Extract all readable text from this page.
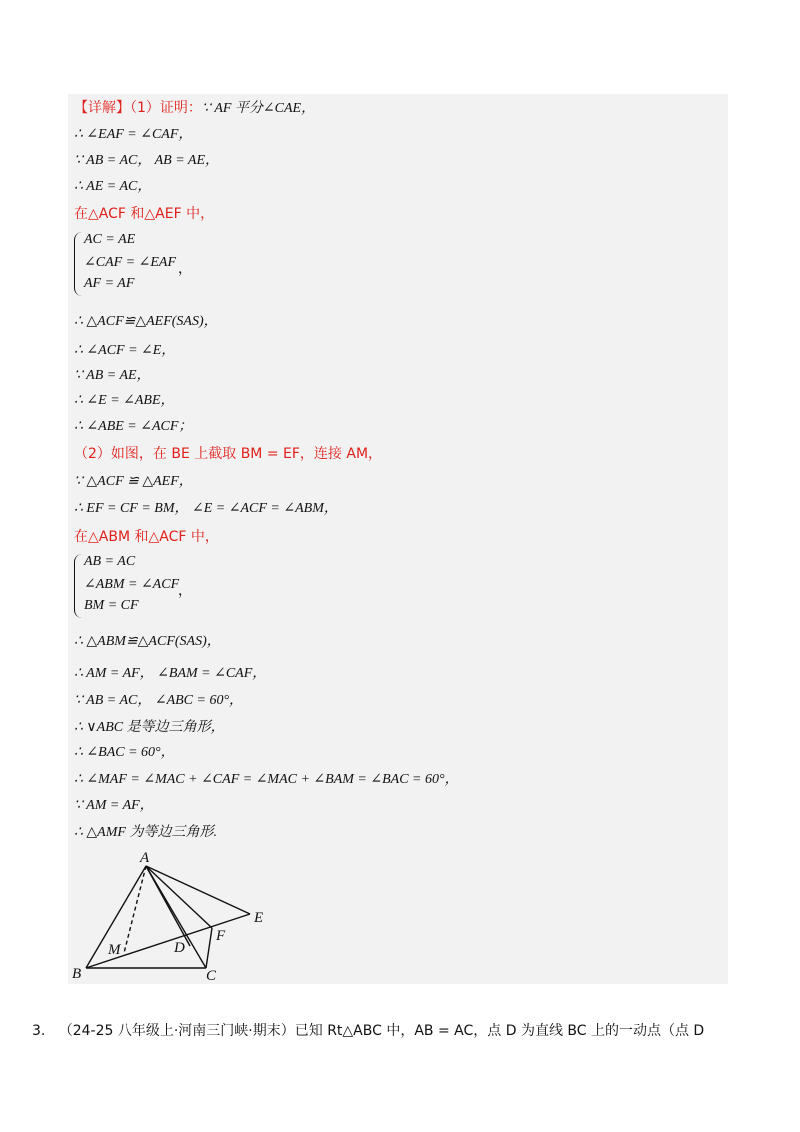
【详解】（1）证明：∵ AF 平分∠CAE，
∴ ∠EAF = ∠CAF，
∵ AB = AC， AB = AE，
∴ AE = AC，
在△ACF 和△AEF 中，
AC = AE
∠CAF = ∠EAF
AF = AF
，
∴ △ACF≌△AEF(SAS)，
∴ ∠ACF = ∠E，
∵ AB = AE，
∴ ∠E = ∠ABE，
∴ ∠ABE = ∠ACF；
（2）如图，在 BE 上截取 BM = EF，连接 AM，
∵ △ACF ≌ △AEF，
∴ EF = CF = BM， ∠E = ∠ACF = ∠ABM，
在△ABM 和△ACF 中，
AB = AC
∠ABM = ∠ACF
BM = CF
，
∴ △ABM≌△ACF(SAS)，
∴ AM = AF， ∠BAM = ∠CAF，
∵ AB = AC， ∠ABC = 60°，
∴ ∨ABC 是等边三角形，
∴ ∠BAC = 60°，
∴ ∠MAF = ∠MAC + ∠CAF = ∠MAC + ∠BAM = ∠BAC = 60°，
∵ AM = AF，
∴ △AMF 为等边三角形.
A
B	C
D
E
F
M
3. （24-25 八年级上·河南三门峡·期末）已知 Rt△ABC 中，AB = AC，点 D 为直线 BC 上的一动点（点 D
